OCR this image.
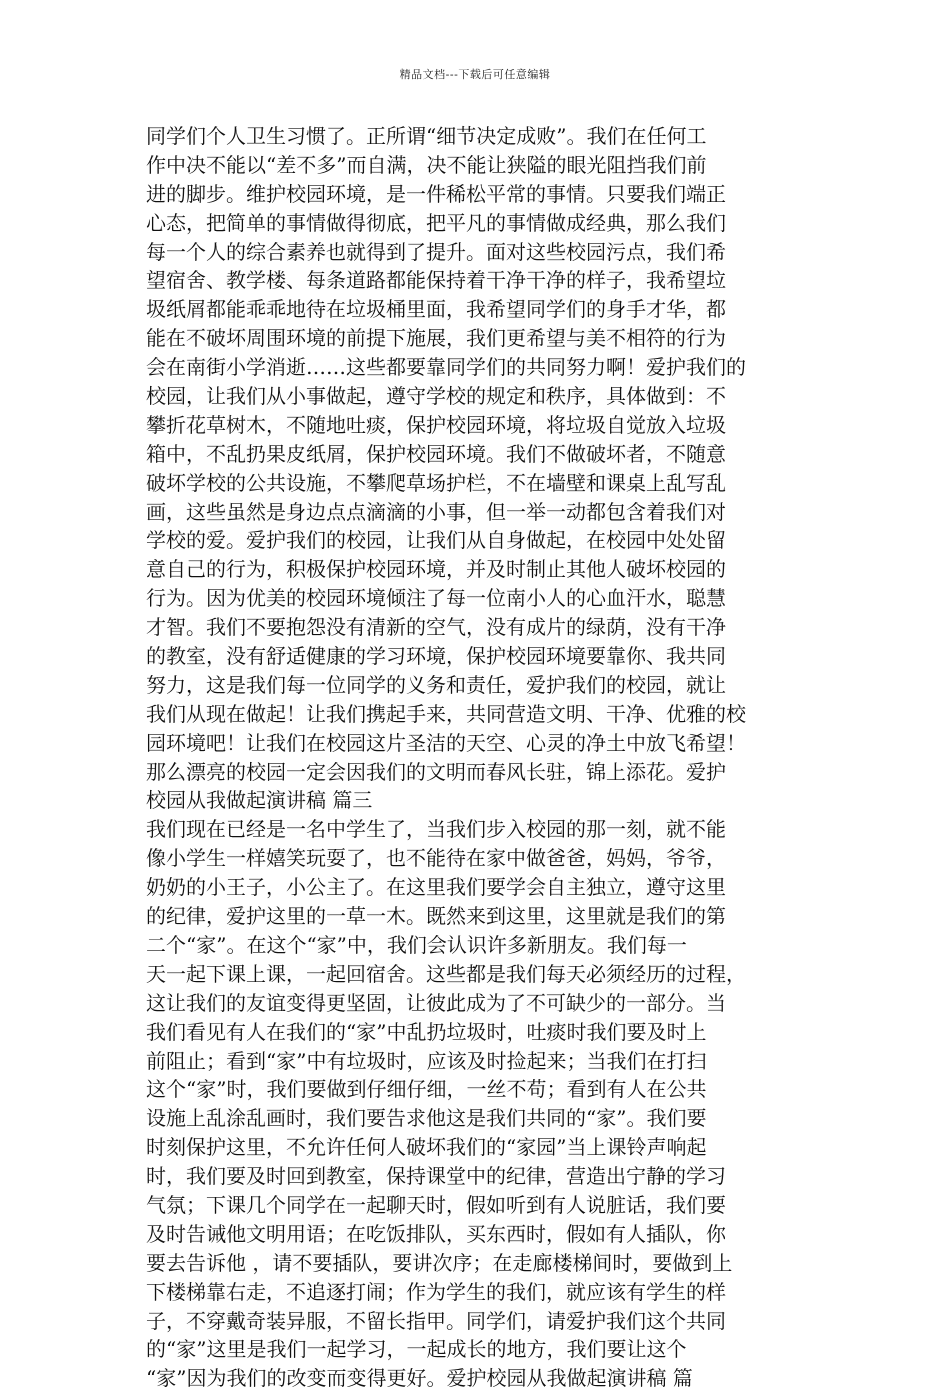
精品文档---下载后可任意编辑
同学们个人卫生习惯了。正所谓“细节决定成败”。我们在任何工
作中决不能以“差不多”而自满，决不能让狭隘的眼光阻挡我们前
进的脚步。维护校园环境，是一件稀松平常的事情。只要我们端正
心态，把简单的事情做得彻底，把平凡的事情做成经典，那么我们
每一个人的综合素养也就得到了提升。面对这些校园污点，我们希
望宿舍、教学楼、每条道路都能保持着干净干净的样子，我希望垃
圾纸屑都能乖乖地待在垃圾桶里面，我希望同学们的身手才华，都
能在不破坏周围环境的前提下施展，我们更希望与美不相符的行为
会在南街小学消逝……这些都要靠同学们的共同努力啊！爱护我们的
校园，让我们从小事做起，遵守学校的规定和秩序，具体做到：不
攀折花草树木，不随地吐痰，保护校园环境，将垃圾自觉放入垃圾
箱中，不乱扔果皮纸屑，保护校园环境。我们不做破坏者，不随意
破坏学校的公共设施，不攀爬草场护栏，不在墙壁和课桌上乱写乱
画，这些虽然是身边点点滴滴的小事，但一举一动都包含着我们对
学校的爱。爱护我们的校园，让我们从自身做起，在校园中处处留
意自己的行为，积极保护校园环境，并及时制止其他人破坏校园的
行为。因为优美的校园环境倾注了每一位南小人的心血汗水，聪慧
才智。我们不要抱怨没有清新的空气，没有成片的绿荫，没有干净
的教室，没有舒适健康的学习环境，保护校园环境要靠你、我共同
努力，这是我们每一位同学的义务和责任，爱护我们的校园，就让
我们从现在做起！让我们携起手来，共同营造文明、干净、优雅的校
园环境吧！让我们在校园这片圣洁的天空、心灵的净土中放飞希望！
那么漂亮的校园一定会因我们的文明而春风长驻，锦上添花。爱护
校园从我做起演讲稿 篇三
我们现在已经是一名中学生了，当我们步入校园的那一刻，就不能
像小学生一样嬉笑玩耍了，也不能待在家中做爸爸，妈妈，爷爷，
奶奶的小王子，小公主了。在这里我们要学会自主独立，遵守这里
的纪律，爱护这里的一草一木。既然来到这里，这里就是我们的第
二个“家”。在这个“家”中，我们会认识许多新朋友。我们每一
天一起下课上课，一起回宿舍。这些都是我们每天必须经历的过程，
这让我们的友谊变得更坚固，让彼此成为了不可缺少的一部分。当
我们看见有人在我们的“家”中乱扔垃圾时，吐痰时我们要及时上
前阻止；看到“家”中有垃圾时，应该及时捡起来；当我们在打扫
这个“家”时，我们要做到仔细仔细，一丝不苟；看到有人在公共
设施上乱涂乱画时，我们要告求他这是我们共同的“家”。我们要
时刻保护这里，不允许任何人破坏我们的“家园”当上课铃声响起
时，我们要及时回到教室，保持课堂中的纪律，营造出宁静的学习
气氛；下课几个同学在一起聊天时，假如听到有人说脏话，我们要
及时告诫他文明用语；在吃饭排队，买东西时，假如有人插队，你
要去告诉他 ，请不要插队，要讲次序；在走廊楼梯间时，要做到上
下楼梯靠右走，不追逐打闹；作为学生的我们，就应该有学生的样
子，不穿戴奇装异服，不留长指甲。同学们，请爱护我们这个共同
的“家”这里是我们一起学习，一起成长的地方，我们要让这个
“家”因为我们的改变而变得更好。爱护校园从我做起演讲稿 篇
